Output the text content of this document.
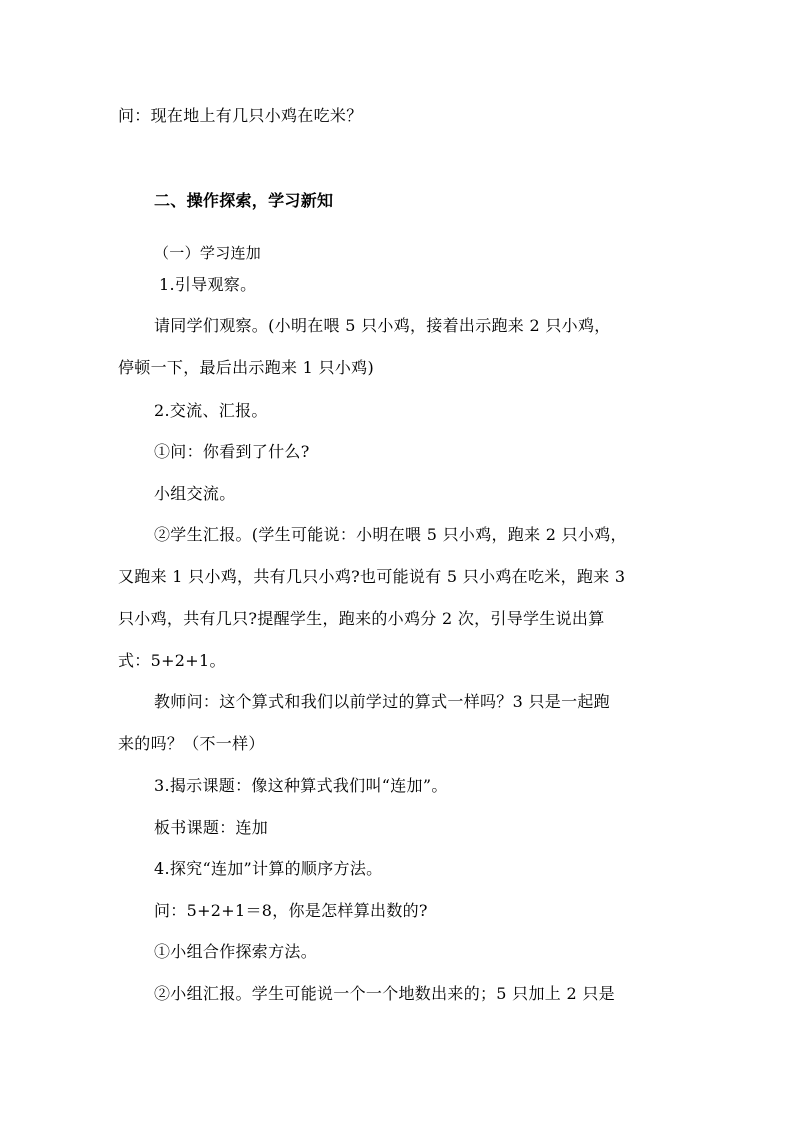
问：现在地上有几只小鸡在吃米？
二、操作探索，学习新知
（一）学习连加
1.引导观察。
请同学们观察。(小明在喂 5 只小鸡，接着出示跑来 2 只小鸡，
停顿一下，最后出示跑来 1 只小鸡)
2.交流、汇报。
①问：你看到了什么?
小组交流。
②学生汇报。(学生可能说：小明在喂 5 只小鸡，跑来 2 只小鸡，
又跑来 1 只小鸡，共有几只小鸡?也可能说有 5 只小鸡在吃米，跑来 3
只小鸡，共有几只?提醒学生，跑来的小鸡分 2 次，引导学生说出算
式：5+2+1。
教师问：这个算式和我们以前学过的算式一样吗？3 只是一起跑
来的吗？（不一样）
3.揭示课题：像这种算式我们叫“连加”。
板书课题：连加
4.探究“连加”计算的顺序方法。
问：5+2+1＝8，你是怎样算出数的?
①小组合作探索方法。
②小组汇报。学生可能说一个一个地数出来的；5 只加上 2 只是
